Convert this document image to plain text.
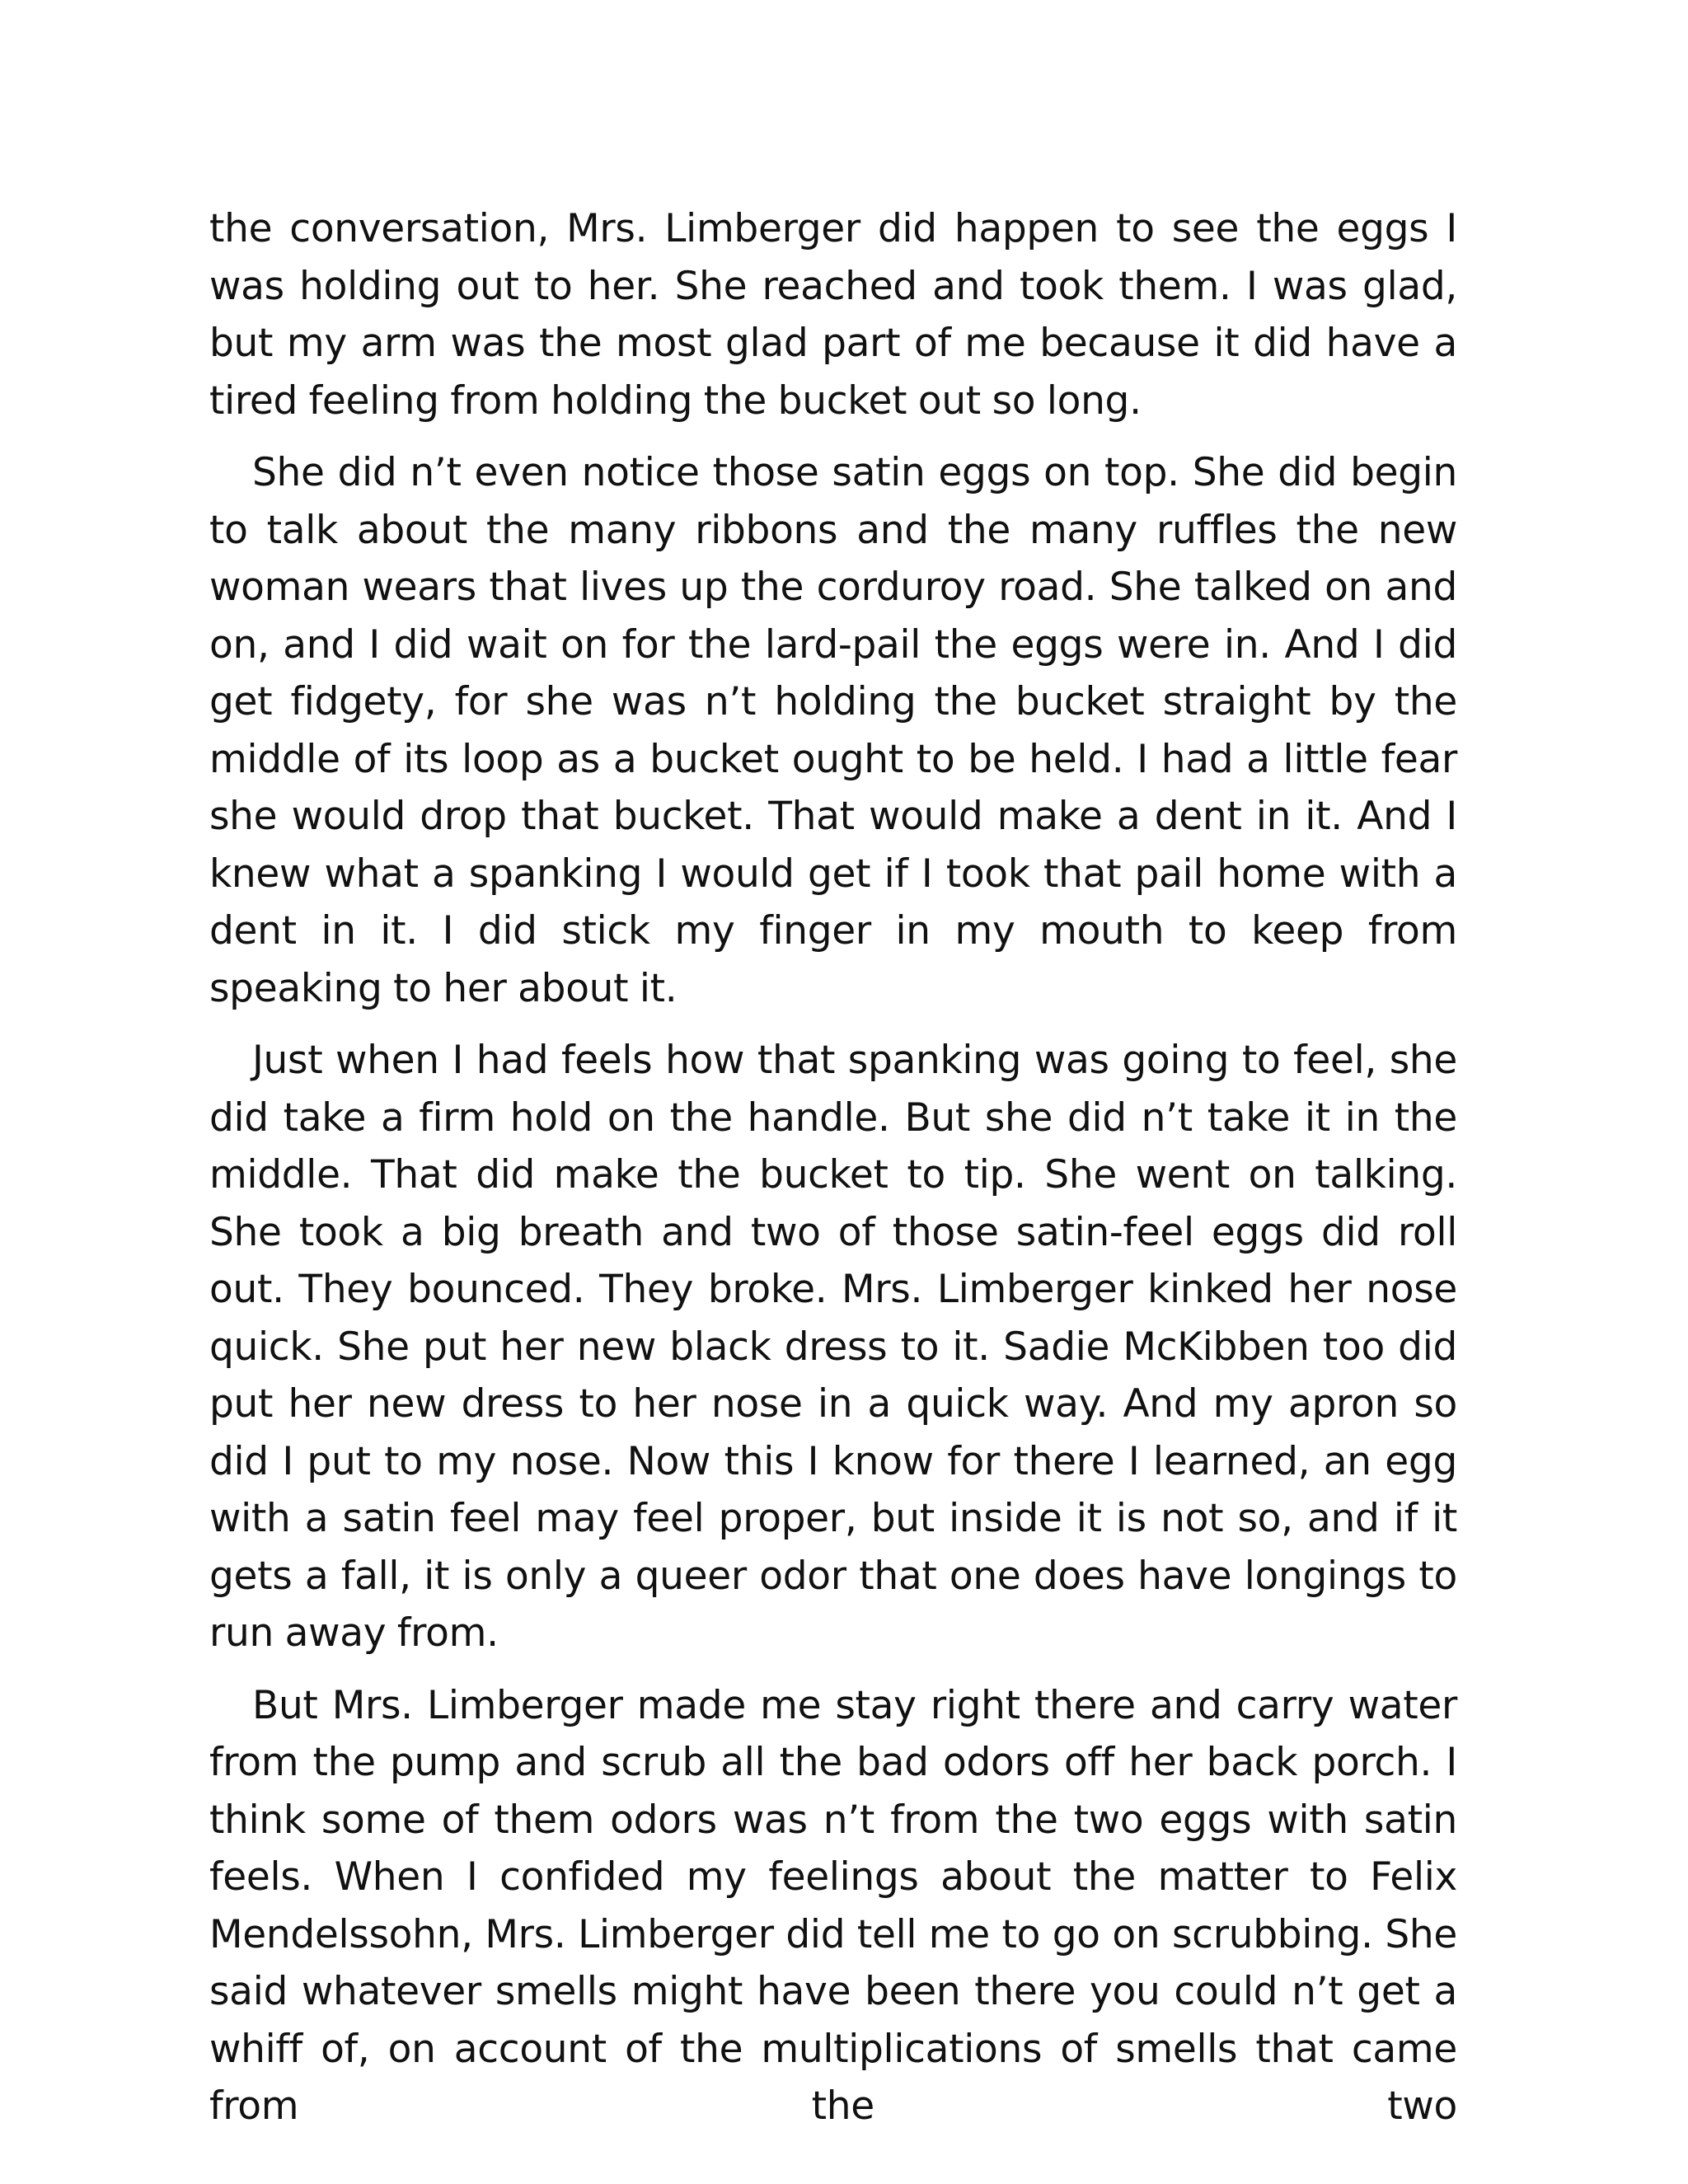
the conversation, Mrs. Limberger did happen to see the eggs I was holding out to her. She reached and took them. I was glad, but my arm was the most glad part of me because it did have a tired feeling from holding the bucket out so long.

She did n’t even notice those satin eggs on top. She did begin to talk about the many ribbons and the many ruffles the new woman wears that lives up the corduroy road. She talked on and on, and I did wait on for the lard-pail the eggs were in. And I did get fidgety, for she was n’t holding the bucket straight by the middle of its loop as a bucket ought to be held. I had a little fear she would drop that bucket. That would make a dent in it. And I knew what a spanking I would get if I took that pail home with a dent in it. I did stick my finger in my mouth to keep from speaking to her about it.

Just when I had feels how that spanking was going to feel, she did take a firm hold on the handle. But she did n’t take it in the middle. That did make the bucket to tip. She went on talking. She took a big breath and two of those satin-feel eggs did roll out. They bounced. They broke. Mrs. Limberger kinked her nose quick. She put her new black dress to it. Sadie McKibben too did put her new dress to her nose in a quick way. And my apron so did I put to my nose. Now this I know for there I learned, an egg with a satin feel may feel proper, but inside it is not so, and if it gets a fall, it is only a queer odor that one does have longings to run away from.

But Mrs. Limberger made me stay right there and carry water from the pump and scrub all the bad odors off her back porch. I think some of them odors was n’t from the two eggs with satin feels. When I confided my feelings about the matter to Felix Mendelssohn, Mrs. Limberger did tell me to go on scrubbing. She said whatever smells might have been there you could n’t get a whiff of, on account of the multiplications of smells that came from the two
